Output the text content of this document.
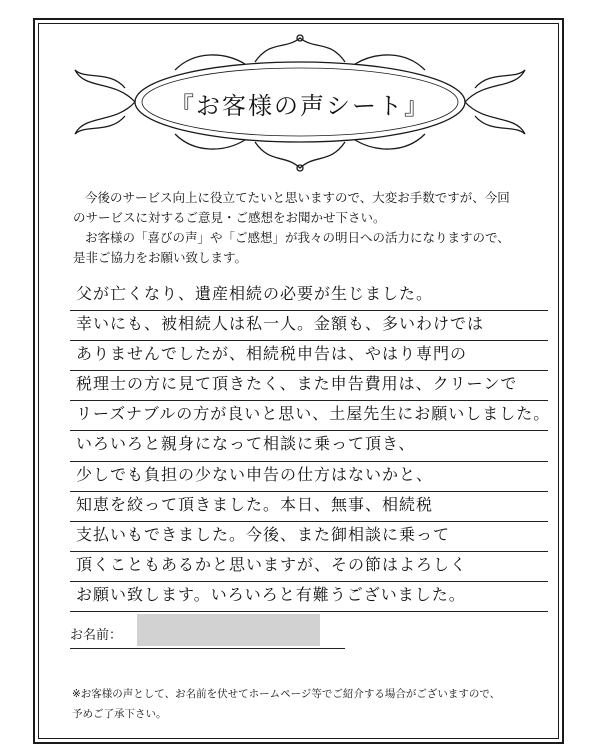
『お客様の声シート』

今後のサービス向上に役立てたいと思いますので、大変お手数ですが、今回

のサービスに対するご意見・ご感想をお聞かせ下さい。

お客様の「喜びの声」や「ご感想」が我々の明日への活力になりますので、

是非ご協力をお願い致します。

父が亡くなり、遺産相続の必要が生じました。
幸いにも、被相続人は私一人。金額も、多いわけでは
ありませんでしたが、相続税申告は、やはり専門の
税理士の方に見て頂きたく、また申告費用は、クリーンで
リーズナブルの方が良いと思い、土屋先生にお願いしました。
いろいろと親身になって相談に乗って頂き、
少しでも負担の少ない申告の仕方はないかと、
知恵を絞って頂きました。本日、無事、相続税
支払いもできました。今後、また御相談に乗って
頂くこともあるかと思いますが、その節はよろしく
お願い致します。いろいろと有難うございました。
お名前：

※お客様の声として、お名前を伏せてホームページ等でご紹介する場合がございますので、

予めご了承下さい。
